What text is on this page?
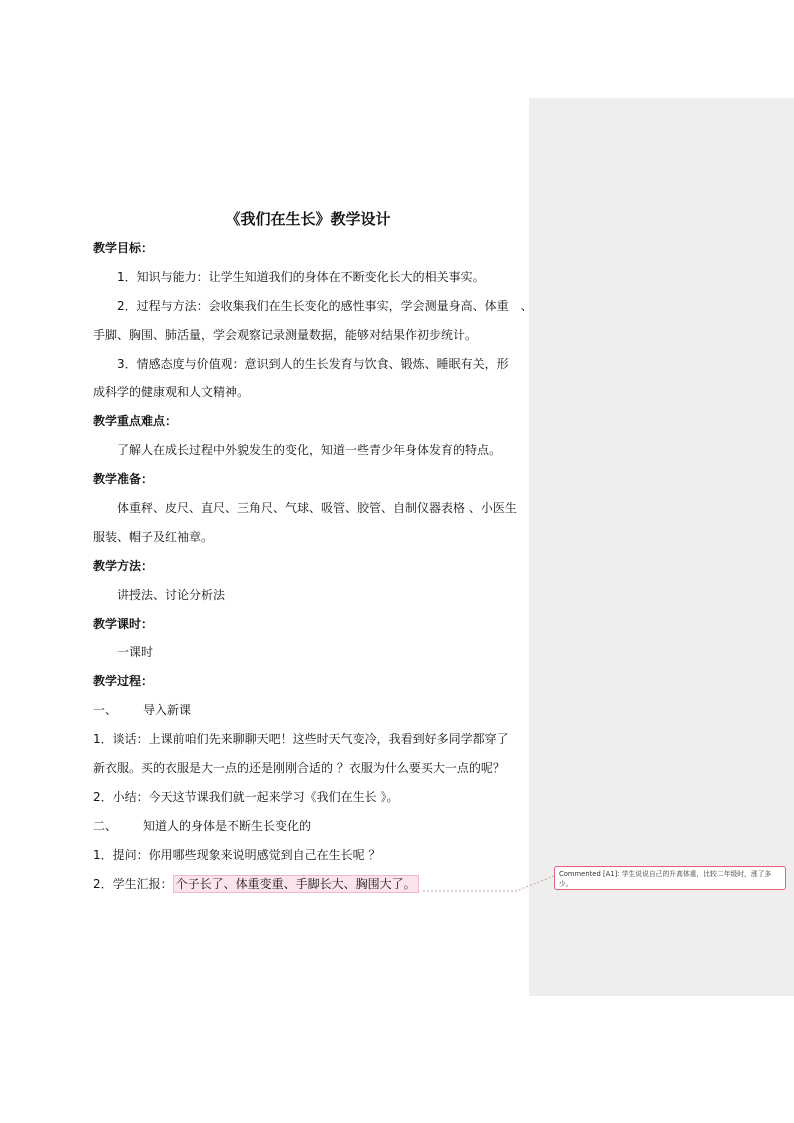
《我们在生长》教学设计
教学目标：
1．知识与能力：让学生知道我们的身体在不断变化长大的相关事实。
2．过程与方法：会收集我们在生长变化的感性事实，学会测量身高、体重　、
手脚、胸围、肺活量，学会观察记录测量数据，能够对结果作初步统计。
3．情感态度与价值观：意识到人的生长发育与饮食、锻炼、睡眠有关，形
成科学的健康观和人文精神。
教学重点难点：
了解人在成长过程中外貌发生的变化，知道一些青少年身体发育的特点。
教学准备：
体重秤、皮尺、直尺、三角尺、气球、吸管、胶管、自制仪器表格 、小医生
服装、帽子及红袖章。
教学方法：
讲授法、讨论分析法
教学课时：
一课时
教学过程：
一、 导入新课
1．谈话：上课前咱们先来聊聊天吧！这些时天气变冷，我看到好多同学都穿了
新衣服。买的衣服是大一点的还是刚刚合适的 ？衣服为什么要买大一点的呢？
2．小结：今天这节课我们就一起来学习《我们在生长 》。
二、 知道人的身体是不断生长变化的
1．提问：你用哪些现象来说明感觉到自己在生长呢 ？
2．学生汇报： 个子长了、体重变重、手脚长大、胸围大了。
Commented [A1]: 学生说说自己的升高体重，比较二年级时，涨了多少。
